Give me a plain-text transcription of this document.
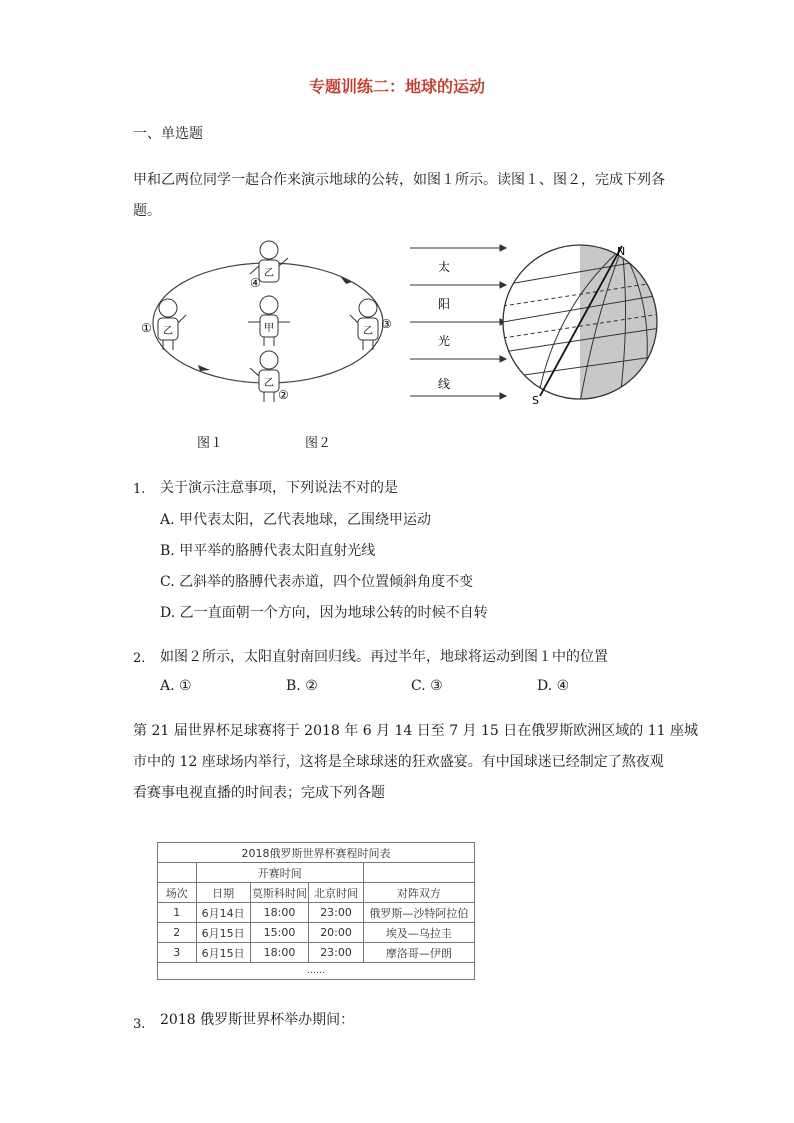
专题训练二：地球的运动
一、单选题
甲和乙两位同学一起合作来演示地球的公转，如图１所示。读图１、图２，完成下列各
题。
甲
乙
④
乙
①	乙
③
乙
②
太
阳
光
线
N
S
图１	图２
1. 关于演示注意事项，下列说法不对的是
A. 甲代表太阳，乙代表地球，乙围绕甲运动
B. 甲平举的胳膊代表太阳直射光线
C. 乙斜举的胳膊代表赤道，四个位置倾斜角度不变
D. 乙一直面朝一个方向，因为地球公转的时候不自转
2. 如图２所示，太阳直射南回归线。再过半年，地球将运动到图１中的位置
A. ①	B. ②	C. ③	D. ④
第 21 届世界杯足球赛将于 2018 年 6 月 14 日至 7 月 15 日在俄罗斯欧洲区域的 11 座城
市中的 12 座球场内举行，这将是全球球迷的狂欢盛宴。有中国球迷已经制定了熬夜观
看赛事电视直播的时间表；完成下列各题
2018俄罗斯世界杯赛程时间表				
	开赛时间			
场次	日期	莫斯科时间	北京时间	对阵双方
1	6月14日	18:00	23:00	俄罗斯—沙特阿拉伯
2	6月15日	15:00	20:00	埃及—乌拉圭
3	6月15日	18:00	23:00	摩洛哥—伊朗
……				
3. 2018 俄罗斯世界杯举办期间：
